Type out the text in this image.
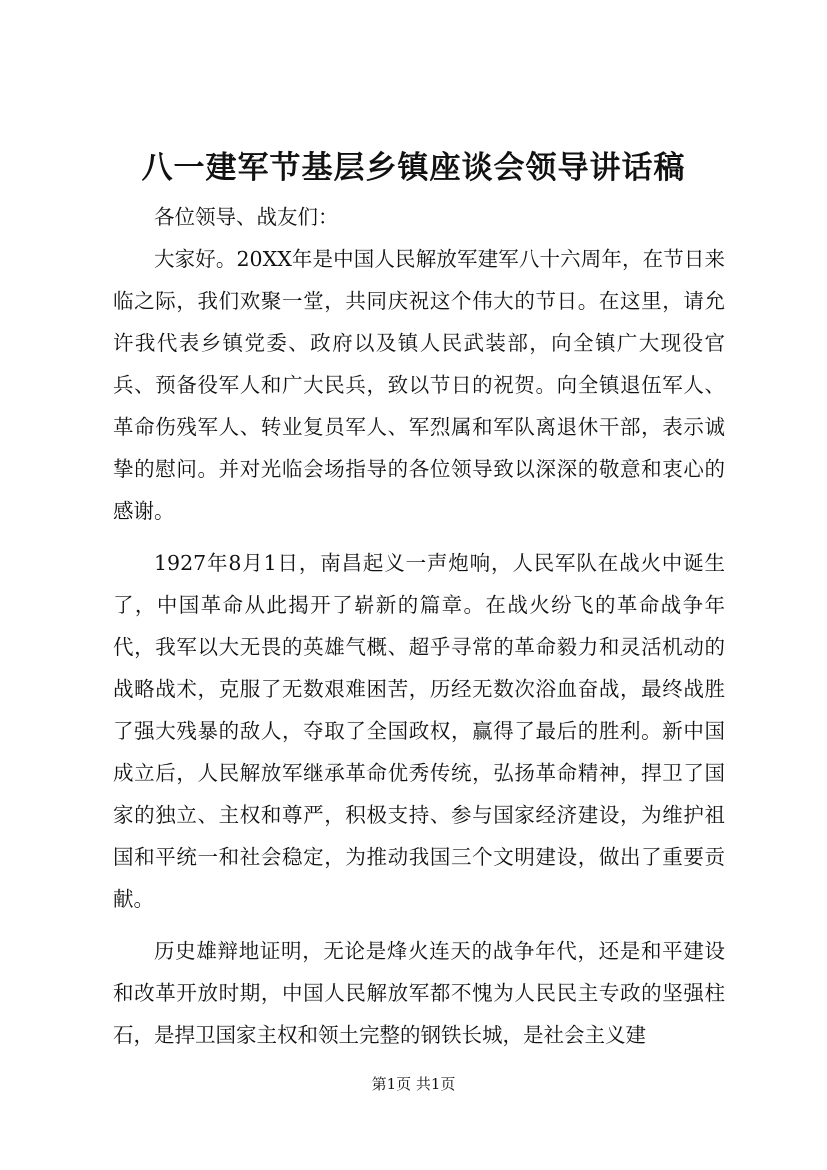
八一建军节基层乡镇座谈会领导讲话稿

各位领导、战友们：

大家好。20XX年是中国人民解放军建军八十六周年，在节日来临之际，我们欢聚一堂，共同庆祝这个伟大的节日。在这里，请允许我代表乡镇党委、政府以及镇人民武装部，向全镇广大现役官兵、预备役军人和广大民兵，致以节日的祝贺。向全镇退伍军人、革命伤残军人、转业复员军人、军烈属和军队离退休干部，表示诚挚的慰问。并对光临会场指导的各位领导致以深深的敬意和衷心的感谢。

1927年8月1日，南昌起义一声炮响，人民军队在战火中诞生了，中国革命从此揭开了崭新的篇章。在战火纷飞的革命战争年代，我军以大无畏的英雄气概、超乎寻常的革命毅力和灵活机动的战略战术，克服了无数艰难困苦，历经无数次浴血奋战，最终战胜了强大残暴的敌人，夺取了全国政权，赢得了最后的胜利。新中国成立后，人民解放军继承革命优秀传统，弘扬革命精神，捍卫了国家的独立、主权和尊严，积极支持、参与国家经济建设，为维护祖国和平统一和社会稳定，为推动我国三个文明建设，做出了重要贡献。

历史雄辩地证明，无论是烽火连天的战争年代，还是和平建设和改革开放时期，中国人民解放军都不愧为人民民主专政的坚强柱石，是捍卫国家主权和领土完整的钢铁长城，是社会主义建

第1页 共1页
